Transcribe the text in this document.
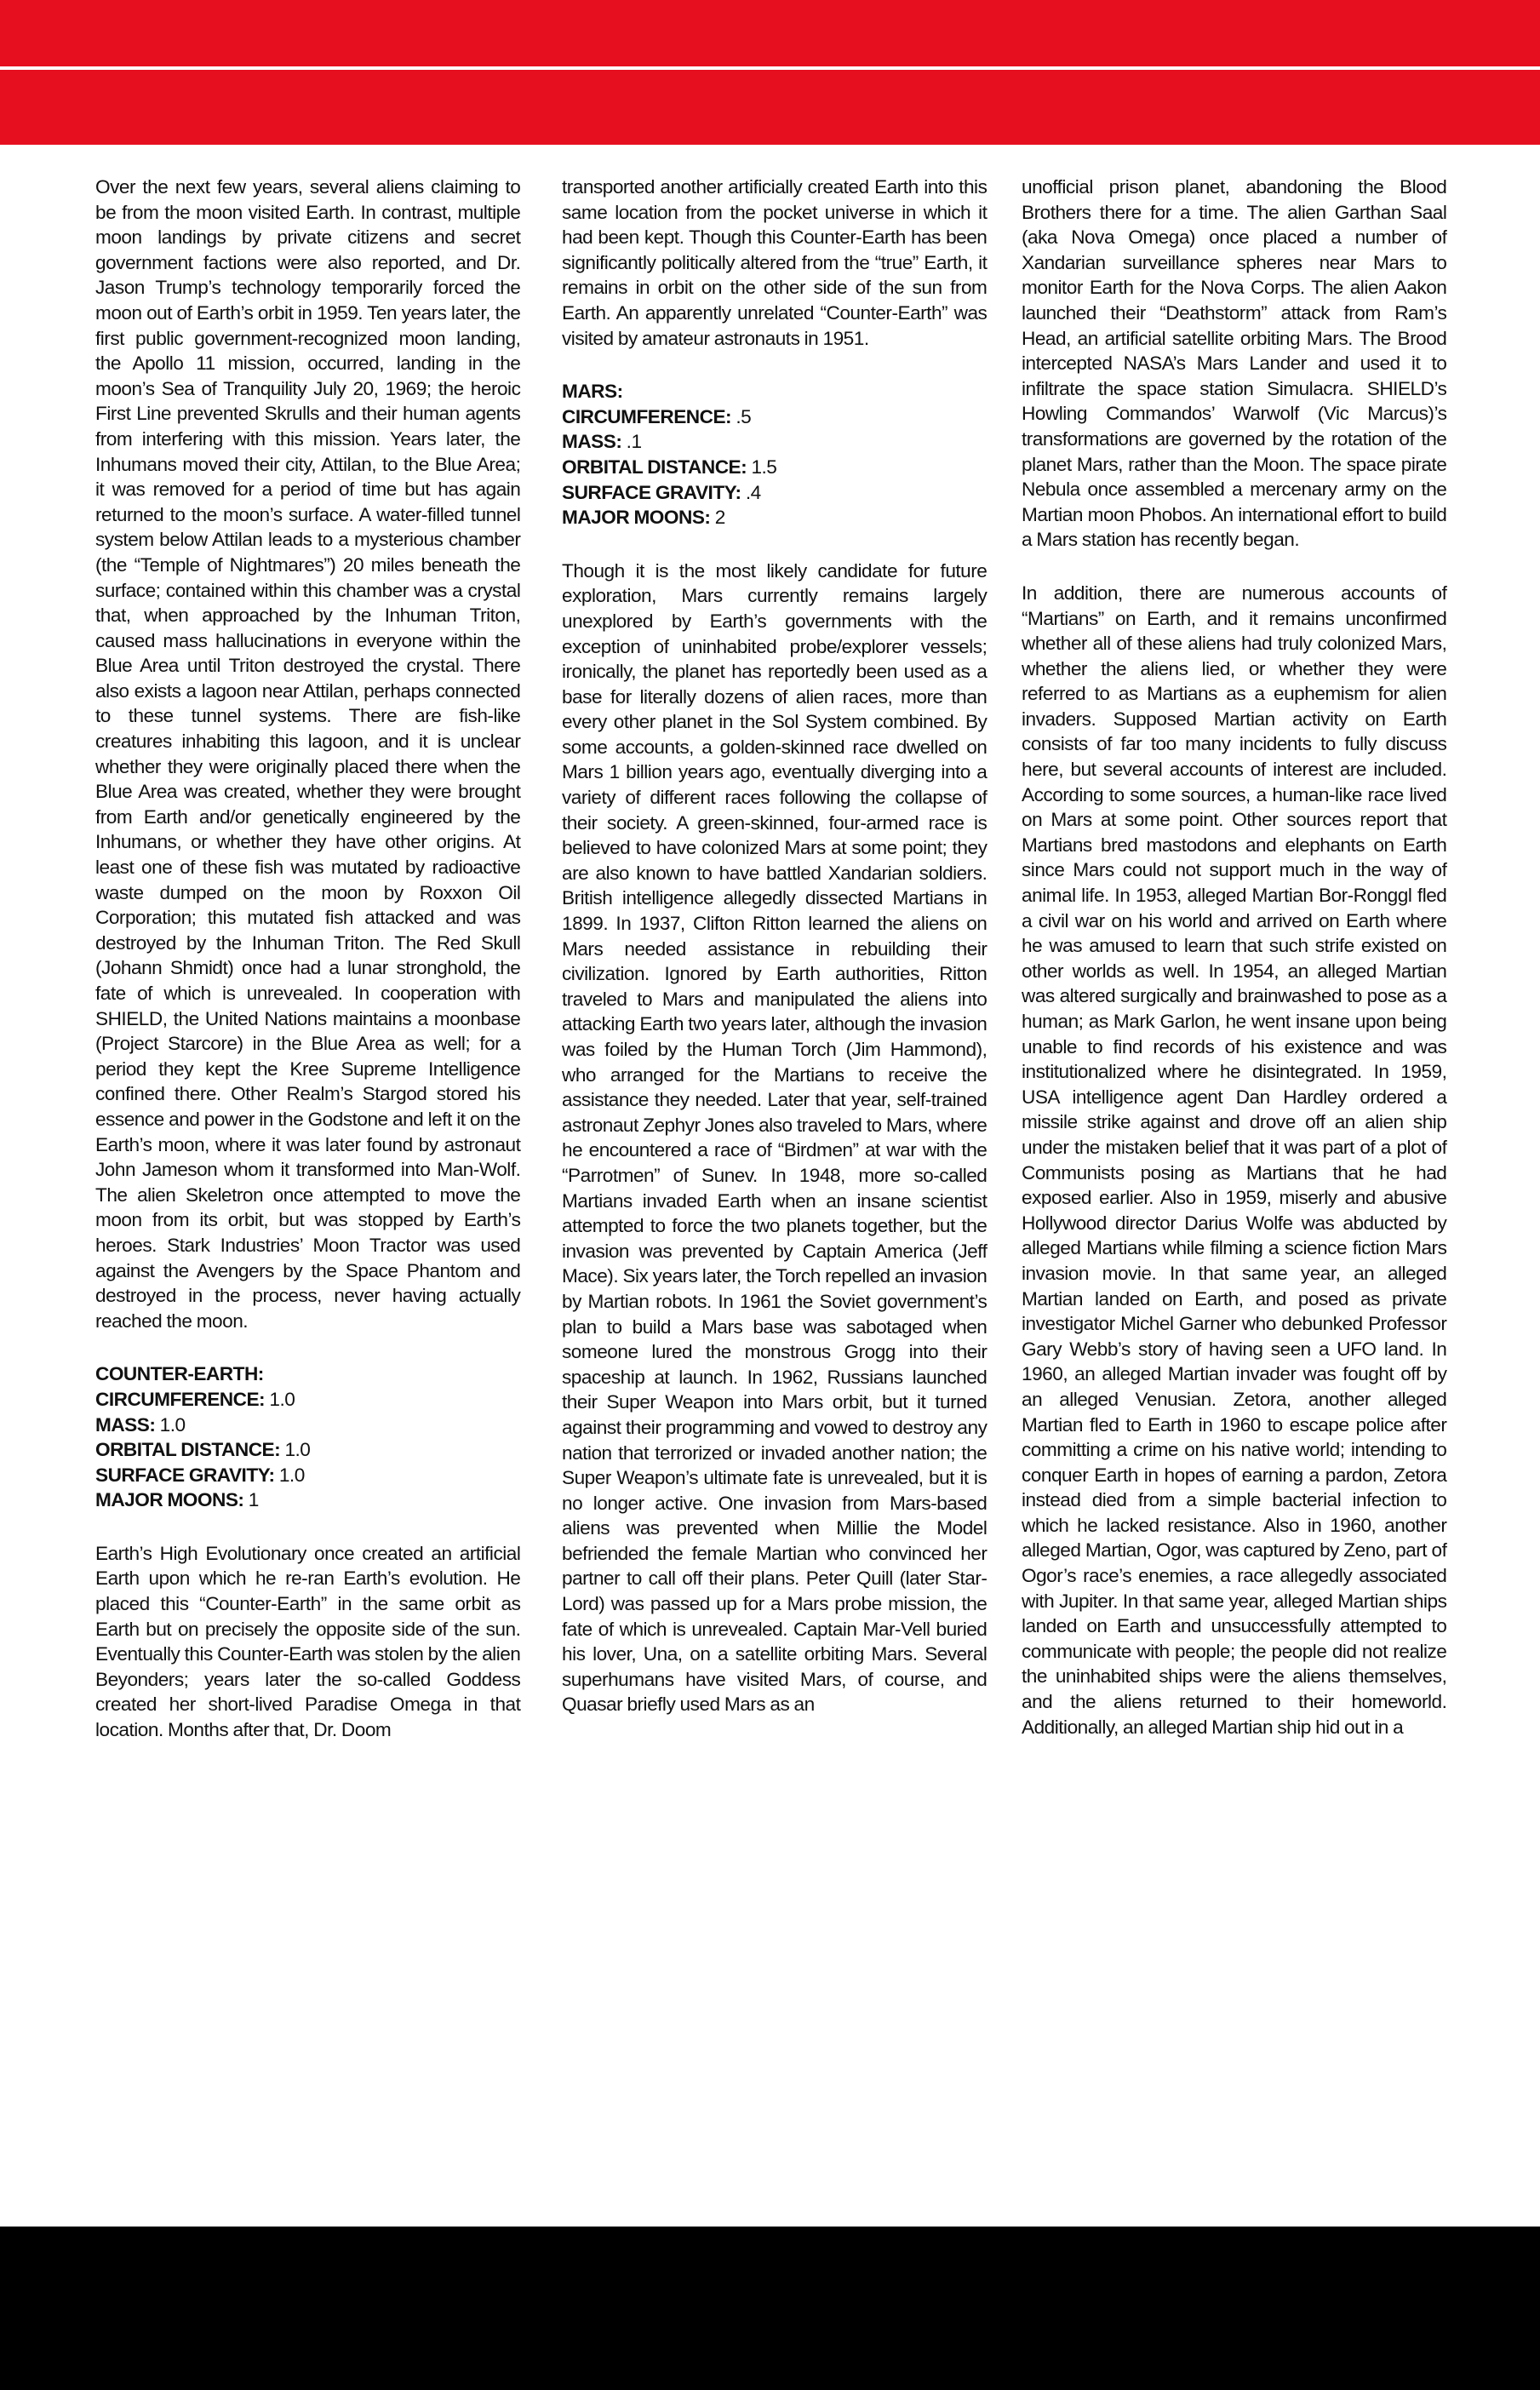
Over the next few years, several aliens claiming to be from the moon visited Earth. In contrast, multiple moon landings by private citizens and secret government factions were also reported, and Dr. Jason Trump’s technology temporarily forced the moon out of Earth’s orbit in 1959. Ten years later, the first public government-recognized moon landing, the Apollo 11 mission, occurred, landing in the moon’s Sea of Tranquility July 20, 1969; the heroic First Line prevented Skrulls and their human agents from interfering with this mission. Years later, the Inhumans moved their city, Attilan, to the Blue Area; it was removed for a period of time but has again returned to the moon’s surface. A water-filled tunnel system below Attilan leads to a mysterious chamber (the “Temple of Nightmares”) 20 miles beneath the surface; contained within this chamber was a crystal that, when approached by the Inhuman Triton, caused mass hallucinations in everyone within the Blue Area until Triton destroyed the crystal. There also exists a lagoon near Attilan, perhaps connected to these tunnel systems. There are fish-like creatures inhabiting this lagoon, and it is unclear whether they were originally placed there when the Blue Area was created, whether they were brought from Earth and/or genetically engineered by the Inhumans, or whether they have other origins. At least one of these fish was mutated by radioactive waste dumped on the moon by Roxxon Oil Corporation; this mutated fish attacked and was destroyed by the Inhuman Triton. The Red Skull (Johann Shmidt) once had a lunar stronghold, the fate of which is unrevealed. In cooperation with SHIELD, the United Nations maintains a moonbase (Project Starcore) in the Blue Area as well; for a period they kept the Kree Supreme Intelligence confined there. Other Realm’s Stargod stored his essence and power in the Godstone and left it on the Earth’s moon, where it was later found by astronaut John Jameson whom it transformed into Man-Wolf. The alien Skeletron once attempted to move the moon from its orbit, but was stopped by Earth’s heroes. Stark Industries’ Moon Tractor was used against the Avengers by the Space Phantom and destroyed in the process, never having actually reached the moon.

COUNTER-EARTH:
CIRCUMFERENCE: 1.0
MASS: 1.0
ORBITAL DISTANCE: 1.0
SURFACE GRAVITY: 1.0
MAJOR MOONS: 1

Earth’s High Evolutionary once created an artificial Earth upon which he re-ran Earth’s evolution. He placed this “Counter-Earth” in the same orbit as Earth but on precisely the opposite side of the sun. Eventually this Counter-Earth was stolen by the alien Beyonders; years later the so-called Goddess created her short-lived Paradise Omega in that location. Months after that, Dr. Doom

transported another artificially created Earth into this same location from the pocket universe in which it had been kept. Though this Counter-Earth has been significantly politically altered from the “true” Earth, it remains in orbit on the other side of the sun from Earth. An apparently unrelated “Counter-Earth” was visited by amateur astronauts in 1951.

MARS:
CIRCUMFERENCE: .5
MASS: .1
ORBITAL DISTANCE: 1.5
SURFACE GRAVITY: .4
MAJOR MOONS: 2

Though it is the most likely candidate for future exploration, Mars currently remains largely unexplored by Earth’s governments with the exception of uninhabited probe/explorer vessels; ironically, the planet has reportedly been used as a base for literally dozens of alien races, more than every other planet in the Sol System combined. By some accounts, a golden-skinned race dwelled on Mars 1 billion years ago, eventually diverging into a variety of different races following the collapse of their society. A green-skinned, four-armed race is believed to have colonized Mars at some point; they are also known to have battled Xandarian soldiers. British intelligence allegedly dissected Martians in 1899. In 1937, Clifton Ritton learned the aliens on Mars needed assistance in rebuilding their civilization. Ignored by Earth authorities, Ritton traveled to Mars and manipulated the aliens into attacking Earth two years later, although the invasion was foiled by the Human Torch (Jim Hammond), who arranged for the Martians to receive the assistance they needed. Later that year, self-trained astronaut Zephyr Jones also traveled to Mars, where he encountered a race of “Birdmen” at war with the “Parrotmen” of Sunev. In 1948, more so-called Martians invaded Earth when an insane scientist attempted to force the two planets together, but the invasion was prevented by Captain America (Jeff Mace). Six years later, the Torch repelled an invasion by Martian robots. In 1961 the Soviet government’s plan to build a Mars base was sabotaged when someone lured the monstrous Grogg into their spaceship at launch. In 1962, Russians launched their Super Weapon into Mars orbit, but it turned against their programming and vowed to destroy any nation that terrorized or invaded another nation; the Super Weapon’s ultimate fate is unrevealed, but it is no longer active. One invasion from Mars-based aliens was prevented when Millie the Model befriended the female Martian who convinced her partner to call off their plans. Peter Quill (later Star-Lord) was passed up for a Mars probe mission, the fate of which is unrevealed. Captain Mar-Vell buried his lover, Una, on a satellite orbiting Mars. Several superhumans have visited Mars, of course, and Quasar briefly used Mars as an

unofficial prison planet, abandoning the Blood Brothers there for a time. The alien Garthan Saal (aka Nova Omega) once placed a number of Xandarian surveillance spheres near Mars to monitor Earth for the Nova Corps. The alien Aakon launched their “Deathstorm” attack from Ram’s Head, an artificial satellite orbiting Mars. The Brood intercepted NASA’s Mars Lander and used it to infiltrate the space station Simulacra. SHIELD’s Howling Commandos’ Warwolf (Vic Marcus)’s transformations are governed by the rotation of the planet Mars, rather than the Moon. The space pirate Nebula once assembled a mercenary army on the Martian moon Phobos. An international effort to build a Mars station has recently began.

In addition, there are numerous accounts of “Martians” on Earth, and it remains unconfirmed whether all of these aliens had truly colonized Mars, whether the aliens lied, or whether they were referred to as Martians as a euphemism for alien invaders. Supposed Martian activity on Earth consists of far too many incidents to fully discuss here, but several accounts of interest are included. According to some sources, a human-like race lived on Mars at some point. Other sources report that Martians bred mastodons and elephants on Earth since Mars could not support much in the way of animal life. In 1953, alleged Martian Bor-Ronggl fled a civil war on his world and arrived on Earth where he was amused to learn that such strife existed on other worlds as well. In 1954, an alleged Martian was altered surgically and brainwashed to pose as a human; as Mark Garlon, he went insane upon being unable to find records of his existence and was institutionalized where he disintegrated. In 1959, USA intelligence agent Dan Hardley ordered a missile strike against and drove off an alien ship under the mistaken belief that it was part of a plot of Communists posing as Martians that he had exposed earlier. Also in 1959, miserly and abusive Hollywood director Darius Wolfe was abducted by alleged Martians while filming a science fiction Mars invasion movie. In that same year, an alleged Martian landed on Earth, and posed as private investigator Michel Garner who debunked Professor Gary Webb’s story of having seen a UFO land. In 1960, an alleged Martian invader was fought off by an alleged Venusian. Zetora, another alleged Martian fled to Earth in 1960 to escape police after committing a crime on his native world; intending to conquer Earth in hopes of earning a pardon, Zetora instead died from a simple bacterial infection to which he lacked resistance. Also in 1960, another alleged Martian, Ogor, was captured by Zeno, part of Ogor’s race’s enemies, a race allegedly associated with Jupiter. In that same year, alleged Martian ships landed on Earth and unsuccessfully attempted to communicate with people; the people did not realize the uninhabited ships were the aliens themselves, and the aliens returned to their homeworld. Additionally, an alleged Martian ship hid out in a
